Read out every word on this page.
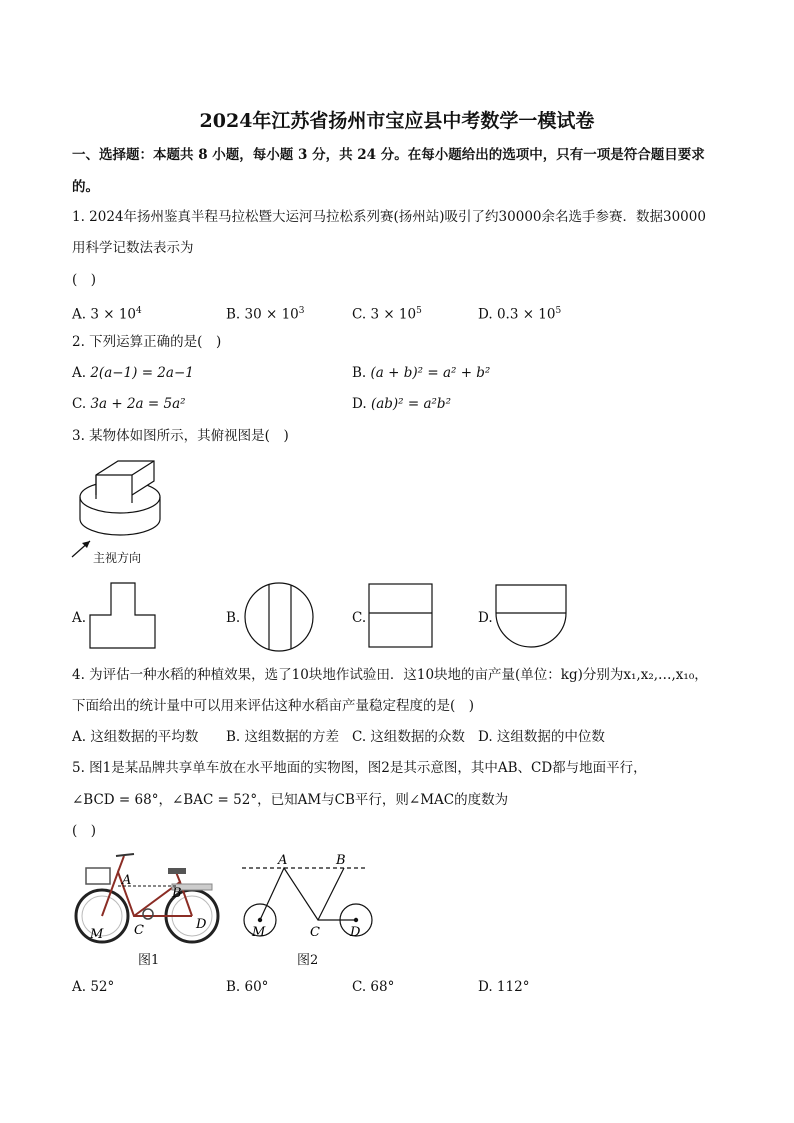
2024年江苏省扬州市宝应县中考数学一模试卷
一、选择题：本题共 8 小题，每小题 3 分，共 24 分。在每小题给出的选项中，只有一项是符合题目要求
的。
1. 2024年扬州鉴真半程马拉松暨大运河马拉松系列赛(扬州站)吸引了约30000余名选手参赛．数据30000
用科学记数法表示为
(　)
A. $3 \times 10^4$	B. $30 \times 10^3$	C. $3 \times 10^5$	D. $0.3 \times 10^5$
2. 下列运算正确的是(　)
A. 2(a−1) = 2a−1	B. (a + b)² = a² + b²
C. 3a + 2a = 5a²	D. (ab)² = a²b²
3. 某物体如图所示，其俯视图是(　)
主视方向
A.	B.	C.	D.
4. 为评估一种水稻的种植效果，选了10块地作试验田．这10块地的亩产量(单位：kg)分别为x₁,x₂,…,x₁₀，
下面给出的统计量中可以用来评估这种水稻亩产量稳定程度的是(　)
A. 这组数据的平均数 B. 这组数据的方差 C. 这组数据的众数 D. 这组数据的中位数
5. 图1是某品牌共享单车放在水平地面的实物图，图2是其示意图，其中AB、CD都与地面平行，
∠BCD = 68°，∠BAC = 52°，已知AM与CB平行，则∠MAC的度数为
(　)
A
B
C	D
M
图1
A	B
C D
M
图2
A. 52°	B. 60°	C. 68°	D. 112°
